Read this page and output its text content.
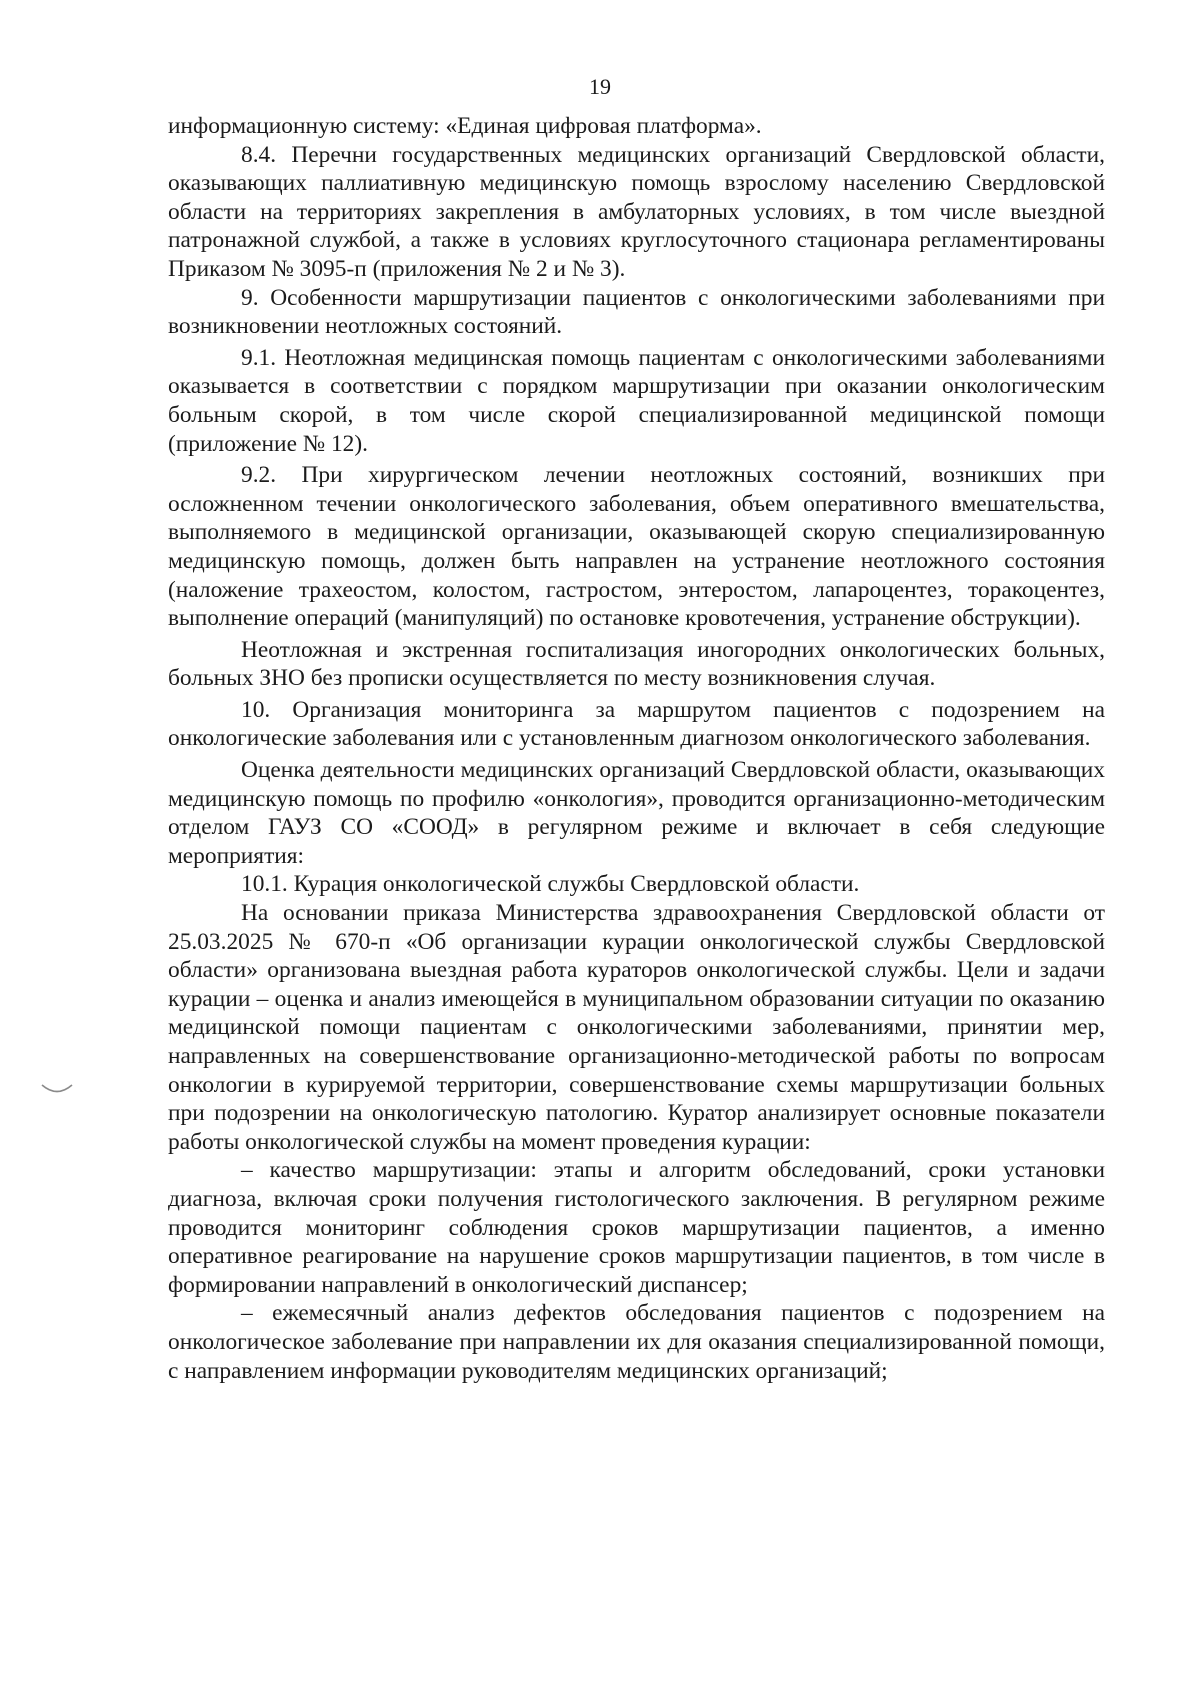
19

информационную систему: «Единая цифровая платформа».

8.4. Перечни государственных медицинских организаций Свердловской области, оказывающих паллиативную медицинскую помощь взрослому населению Свердловской области на территориях закрепления в амбулаторных условиях, в том числе выездной патронажной службой, а также в условиях круглосуточного стационара регламентированы Приказом № 3095-п (приложения № 2 и № 3).

9. Особенности маршрутизации пациентов с онкологическими заболеваниями при возникновении неотложных состояний.

9.1. Неотложная медицинская помощь пациентам с онкологическими заболеваниями оказывается в соответствии с порядком маршрутизации при оказании онкологическим больным скорой, в том числе скорой специализированной медицинской помощи (приложение № 12).

9.2. При хирургическом лечении неотложных состояний, возникших при осложненном течении онкологического заболевания, объем оперативного вмешательства, выполняемого в медицинской организации, оказывающей скорую специализированную медицинскую помощь, должен быть направлен на устранение неотложного состояния (наложение трахеостом, колостом, гастростом, энтеростом, лапароцентез, торакоцентез, выполнение операций (манипуляций) по остановке кровотечения, устранение обструкции).

Неотложная и экстренная госпитализация иногородних онкологических больных, больных ЗНО без прописки осуществляется по месту возникновения случая.

10. Организация мониторинга за маршрутом пациентов с подозрением на онкологические заболевания или с установленным диагнозом онкологического заболевания.

Оценка деятельности медицинских организаций Свердловской области, оказывающих медицинскую помощь по профилю «онкология», проводится организационно-методическим отделом ГАУЗ СО «СООД» в регулярном режиме и включает в себя следующие мероприятия:

10.1. Курация онкологической службы Свердловской области.

На основании приказа Министерства здравоохранения Свердловской области от 25.03.2025 № 670-п «Об организации курации онкологической службы Свердловской области» организована выездная работа кураторов онкологической службы. Цели и задачи курации – оценка и анализ имеющейся в муниципальном образовании ситуации по оказанию медицинской помощи пациентам с онкологическими заболеваниями, принятии мер, направленных на совершенствование организационно-методической работы по вопросам онкологии в курируемой территории, совершенствование схемы маршрутизации больных при подозрении на онкологическую патологию. Куратор анализирует основные показатели работы онкологической службы на момент проведения курации:

– качество маршрутизации: этапы и алгоритм обследований, сроки установки диагноза, включая сроки получения гистологического заключения. В регулярном режиме проводится мониторинг соблюдения сроков маршрутизации пациентов, а именно оперативное реагирование на нарушение сроков маршрутизации пациентов, в том числе в формировании направлений в онкологический диспансер;

– ежемесячный анализ дефектов обследования пациентов с подозрением на онкологическое заболевание при направлении их для оказания специализированной помощи, с направлением информации руководителям медицинских организаций;
